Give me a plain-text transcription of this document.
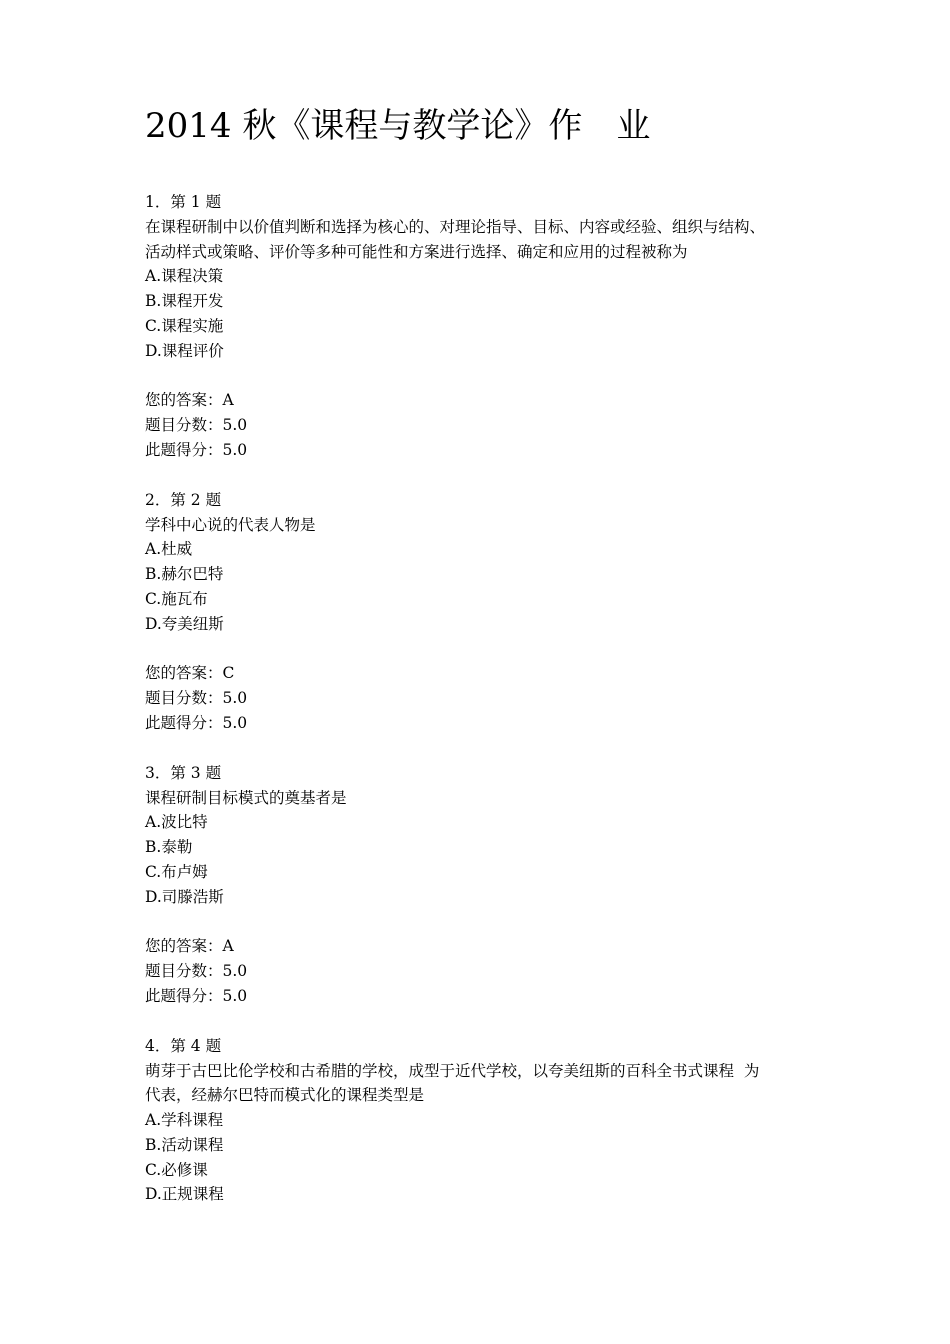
2014 秋《课程与教学论》作　业
1．第 1 题
在课程研制中以价值判断和选择为核心的、对理论指导、目标、内容或经验、组织与结构、
活动样式或策略、评价等多种可能性和方案进行选择、确定和应用的过程被称为
A.课程决策
B.课程开发
C.课程实施
D.课程评价
您的答案：A
题目分数：5.0
此题得分：5.0
2．第 2 题
学科中心说的代表人物是
A.杜威
B.赫尔巴特
C.施瓦布
D.夸美纽斯
您的答案：C
题目分数：5.0
此题得分：5.0
3．第 3 题
课程研制目标模式的奠基者是
A.波比特
B.泰勒
C.布卢姆
D.司滕浩斯
您的答案：A
题目分数：5.0
此题得分：5.0
4．第 4 题
萌芽于古巴比伦学校和古希腊的学校，成型于近代学校，以夸美纽斯的百科全书式课程  为
代表，经赫尔巴特而模式化的课程类型是
A.学科课程
B.活动课程
C.必修课
D.正规课程
